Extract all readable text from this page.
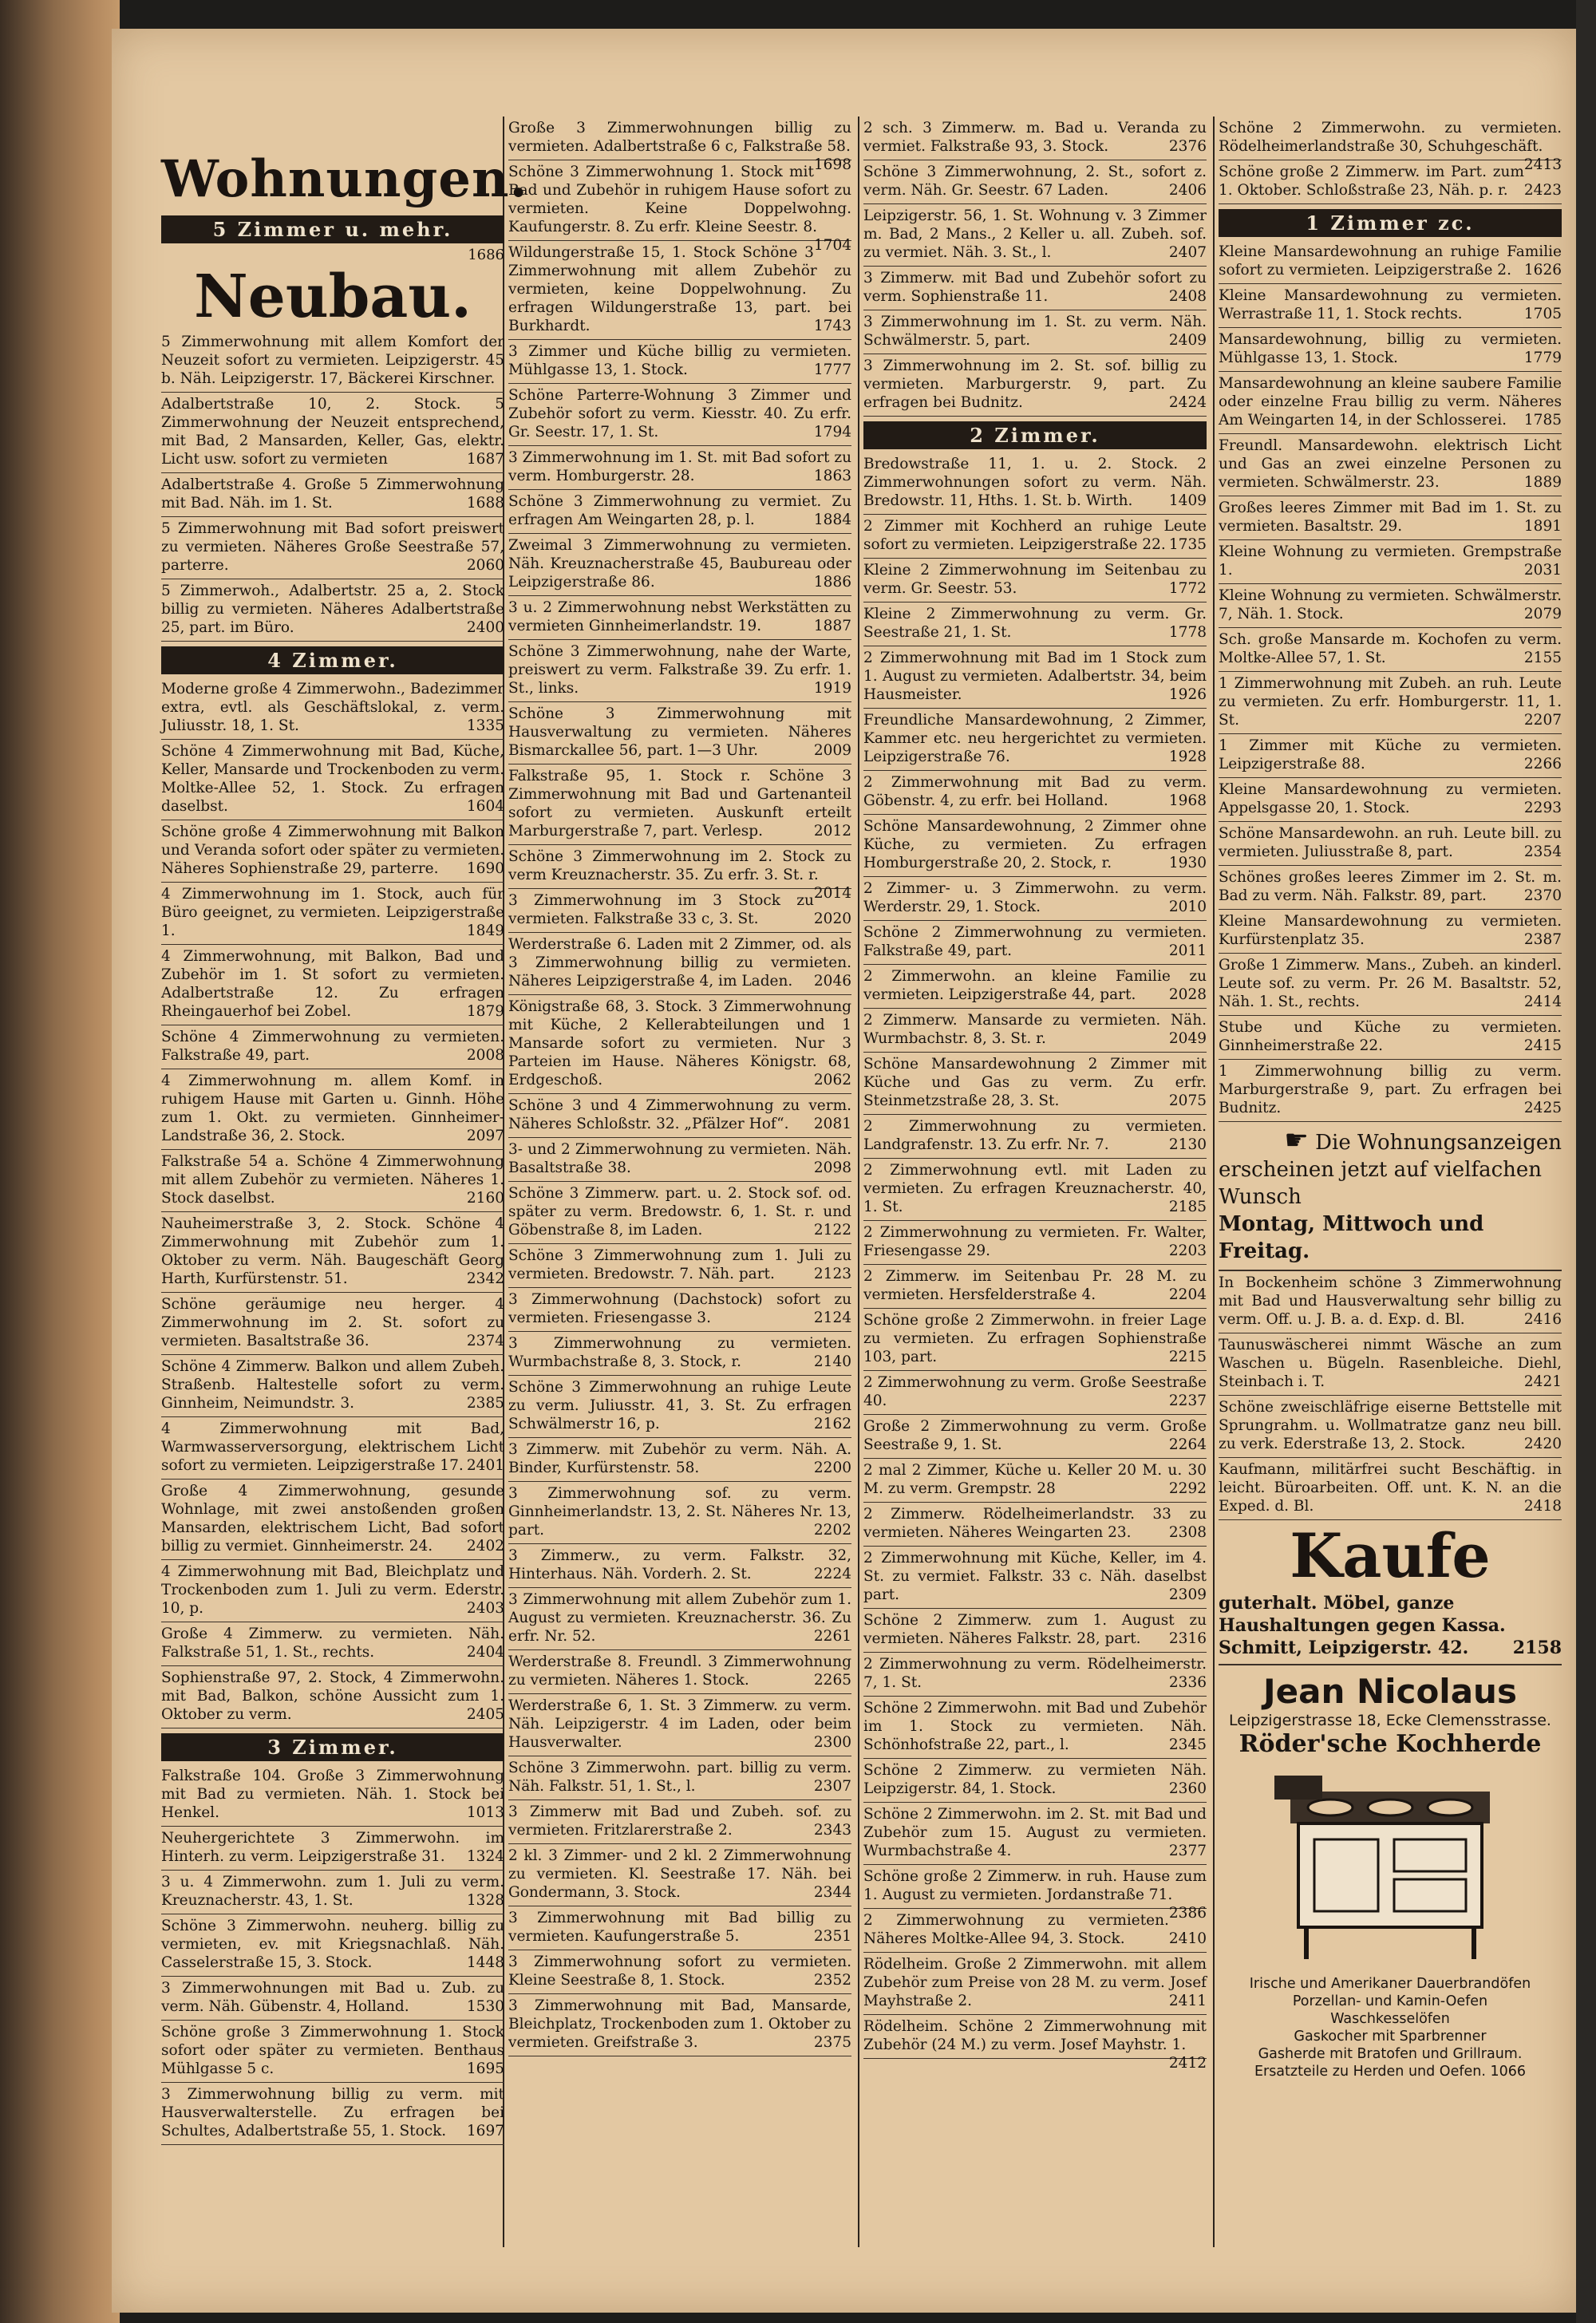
Wohnungen.
5 Zimmer u. mehr.
1686
Neubau.
5 Zimmerwohnung mit allem Komfort der Neuzeit sofort zu vermieten. Leipzigerstr. 45 b. Näh. Leipzigerstr. 17, Bäckerei Kirschner.
Adalbertstraße 10, 2. Stock. 5 Zimmerwohnung der Neuzeit entsprechend, mit Bad, 2 Mansarden, Keller, Gas, elektr. Licht usw. sofort zu vermieten	1687
Adalbertstraße 4. Große 5 Zimmerwohnung mit Bad. Näh. im 1. St.	1688
5 Zimmerwohnung mit Bad sofort preiswert zu vermieten. Näheres Große Seestraße 57, parterre.	2060
5 Zimmerwoh., Adalbertstr. 25 a, 2. Stock billig zu vermieten. Näheres Adalbertstraße 25, part. im Büro.	2400
4 Zimmer.
Moderne große 4 Zimmerwohn., Badezimmer extra, evtl. als Geschäftslokal, z. verm. Juliusstr. 18, 1. St.	1335
Schöne 4 Zimmerwohnung mit Bad, Küche, Keller, Mansarde und Trockenboden zu verm. Moltke-Allee 52, 1. Stock. Zu erfragen daselbst.	1604
Schöne große 4 Zimmerwohnung mit Balkon und Veranda sofort oder später zu vermieten. Näheres Sophienstraße 29, parterre. 1690
4 Zimmerwohnung im 1. Stock, auch für Büro geeignet, zu vermieten. Leipzigerstraße 1.	1849
4 Zimmerwohnung, mit Balkon, Bad und Zubehör im 1. St sofort zu vermieten. Adalbertstraße 12. Zu erfragen Rheingauerhof bei Zobel.	1879
Schöne 4 Zimmerwohnung zu vermieten. Falkstraße 49, part.	2008
4 Zimmerwohnung m. allem Komf. in ruhigem Hause mit Garten u. Ginnh. Höhe zum 1. Okt. zu vermieten. Ginnheimer-Landstraße 36, 2. Stock.	2097
Falkstraße 54 a. Schöne 4 Zimmerwohnung mit allem Zubehör zu vermieten. Näheres 1. Stock daselbst.	2160
Nauheimerstraße 3, 2. Stock. Schöne 4 Zimmerwohnung mit Zubehör zum 1. Oktober zu verm. Näh. Baugeschäft Georg Harth, Kurfürstenstr. 51.	2342
Schöne geräumige neu herger. 4 Zimmerwohnung im 2. St. sofort zu vermieten. Basaltstraße 36.	2374
Schöne 4 Zimmerw. Balkon und allem Zubeh. Straßenb. Haltestelle sofort zu verm. Ginnheim, Neimundstr. 3.	2385
4 Zimmerwohnung mit Bad, Warmwasserversorgung, elektrischem Licht sofort zu vermieten. Leipzigerstraße 17. 2401
Große 4 Zimmerwohnung, gesunde Wohnlage, mit zwei anstoßenden großen Mansarden, elektrischem Licht, Bad sofort billig zu vermiet. Ginnheimerstr. 24. 2402
4 Zimmerwohnung mit Bad, Bleichplatz und Trockenboden zum 1. Juli zu verm. Ederstr. 10, p.	2403
Große 4 Zimmerw. zu vermieten. Näh. Falkstraße 51, 1. St., rechts.	2404
Sophienstraße 97, 2. Stock, 4 Zimmerwohn. mit Bad, Balkon, schöne Aussicht zum 1. Oktober zu verm.	2405
3 Zimmer.
Falkstraße 104. Große 3 Zimmerwohnung mit Bad zu vermieten. Näh. 1. Stock bei Henkel.	1013
Neuhergerichtete 3 Zimmerwohn. im Hinterh. zu verm. Leipzigerstraße 31. 1324
3 u. 4 Zimmerwohn. zum 1. Juli zu verm. Kreuznacherstr. 43, 1. St.	1328
Schöne 3 Zimmerwohn. neuherg. billig zu vermieten, ev. mit Kriegsnachlaß. Näh. Casselerstraße 15, 3. Stock.	1448
3 Zimmerwohnungen mit Bad u. Zub. zu verm. Näh. Gübenstr. 4, Holland.	1530
Schöne große 3 Zimmerwohnung 1. Stock sofort oder später zu vermieten. Benthaus Mühlgasse 5 c.	1695
3 Zimmerwohnung billig zu verm. mit Hausverwalterstelle. Zu erfragen bei Schultes, Adalbertstraße 55, 1. Stock. 1697
Große 3 Zimmerwohnungen billig zu vermieten. Adalbertstraße 6 c, Falkstraße 58.
1698
Schöne 3 Zimmerwohnung 1. Stock mit Bad und Zubehör in ruhigem Hause sofort zu vermieten. Keine Doppelwohng. Kaufungerstr. 8. Zu erfr. Kleine Seestr. 8.
1704
Wildungerstraße 15, 1. Stock Schöne 3 Zimmerwohnung mit allem Zubehör zu vermieten, keine Doppelwohnung. Zu erfragen Wildungerstraße 13, part. bei Burkhardt.	1743
3 Zimmer und Küche billig zu vermieten. Mühlgasse 13, 1. Stock.	1777
Schöne Parterre-Wohnung 3 Zimmer und Zubehör sofort zu verm. Kiesstr. 40. Zu erfr. Gr. Seestr. 17, 1. St.	1794
3 Zimmerwohnung im 1. St. mit Bad sofort zu verm. Homburgerstr. 28.	1863
Schöne 3 Zimmerwohnung zu vermiet. Zu erfragen Am Weingarten 28, p. l.	1884
Zweimal 3 Zimmerwohnung zu vermieten. Näh. Kreuznacherstraße 45, Baubureau oder Leipzigerstraße 86.	1886
3 u. 2 Zimmerwohnung nebst Werkstätten zu vermieten Ginnheimerlandstr. 19.	1887
Schöne 3 Zimmerwohnung, nahe der Warte, preiswert zu verm. Falkstraße 39. Zu erfr. 1. St., links.	1919
Schöne 3 Zimmerwohnung mit Hausverwaltung zu vermieten. Näheres Bismarckallee 56, part. 1—3 Uhr.	2009
Falkstraße 95, 1. Stock r. Schöne 3 Zimmerwohnung mit Bad und Gartenanteil sofort zu vermieten. Auskunft erteilt Marburgerstraße 7, part. Verlesp.	2012
Schöne 3 Zimmerwohnung im 2. Stock zu verm Kreuznacherstr. 35. Zu erfr. 3. St. r.
2014
3 Zimmerwohnung im 3 Stock zu vermieten. Falkstraße 33 c, 3. St.	2020
Werderstraße 6. Laden mit 2 Zimmer, od. als 3 Zimmerwohnung billig zu vermieten. Näheres Leipzigerstraße 4, im Laden. 2046
Königstraße 68, 3. Stock. 3 Zimmerwohnung mit Küche, 2 Kellerabteilungen und 1 Mansarde sofort zu vermieten. Nur 3 Parteien im Hause. Näheres Königstr. 68, Erdgeschoß.	2062
Schöne 3 und 4 Zimmerwohnung zu verm. Näheres Schloßstr. 32. „Pfälzer Hof“. 2081
3- und 2 Zimmerwohnung zu vermieten. Näh. Basaltstraße 38.	2098
Schöne 3 Zimmerw. part. u. 2. Stock sof. od. später zu verm. Bredowstr. 6, 1. St. r. und Göbenstraße 8, im Laden.	2122
Schöne 3 Zimmerwohnung zum 1. Juli zu vermieten. Bredowstr. 7. Näh. part.	2123
3 Zimmerwohnung (Dachstock) sofort zu vermieten. Friesengasse 3.	2124
3 Zimmerwohnung zu vermieten. Wurmbachstraße 8, 3. Stock, r.	2140
Schöne 3 Zimmerwohnung an ruhige Leute zu verm. Juliusstr. 41, 3. St. Zu erfragen Schwälmerstr 16, p.	2162
3 Zimmerw. mit Zubehör zu verm. Näh. A. Binder, Kurfürstenstr. 58.	2200
3 Zimmerwohnung sof. zu verm. Ginnheimerlandstr. 13, 2. St. Näheres Nr. 13, part.	2202
3 Zimmerw., zu verm. Falkstr. 32, Hinterhaus. Näh. Vorderh. 2. St.	2224
3 Zimmerwohnung mit allem Zubehör zum 1. August zu vermieten. Kreuznacherstr. 36. Zu erfr. Nr. 52.	2261
Werderstraße 8. Freundl. 3 Zimmerwohnung zu vermieten. Näheres 1. Stock.	2265
Werderstraße 6, 1. St. 3 Zimmerw. zu verm. Näh. Leipzigerstr. 4 im Laden, oder beim Hausverwalter.	2300
Schöne 3 Zimmerwohn. part. billig zu verm. Näh. Falkstr. 51, 1. St., l.	2307
3 Zimmerw mit Bad und Zubeh. sof. zu vermieten. Fritzlarerstraße 2.	2343
2 kl. 3 Zimmer- und 2 kl. 2 Zimmerwohnung zu vermieten. Kl. Seestraße 17. Näh. bei Gondermann, 3. Stock.	2344
3 Zimmerwohnung mit Bad billig zu vermieten. Kaufungerstraße 5.	2351
3 Zimmerwohnung sofort zu vermieten. Kleine Seestraße 8, 1. Stock.	2352
3 Zimmerwohnung mit Bad, Mansarde, Bleichplatz, Trockenboden zum 1. Oktober zu vermieten. Greifstraße 3.	2375
2 sch. 3 Zimmerw. m. Bad u. Veranda zu vermiet. Falkstraße 93, 3. Stock.	2376
Schöne 3 Zimmerwohnung, 2. St., sofort z. verm. Näh. Gr. Seestr. 67 Laden.	2406
Leipzigerstr. 56, 1. St. Wohnung v. 3 Zimmer m. Bad, 2 Mans., 2 Keller u. all. Zubeh. sof. zu vermiet. Näh. 3. St., l.	2407
3 Zimmerw. mit Bad und Zubehör sofort zu verm. Sophienstraße 11.	2408
3 Zimmerwohnung im 1. St. zu verm. Näh. Schwälmerstr. 5, part.	2409
3 Zimmerwohnung im 2. St. sof. billig zu vermieten. Marburgerstr. 9, part. Zu erfragen bei Budnitz.	2424
2 Zimmer.
Bredowstraße 11, 1. u. 2. Stock. 2 Zimmerwohnungen sofort zu verm. Näh. Bredowstr. 11, Hths. 1. St. b. Wirth. 1409
2 Zimmer mit Kochherd an ruhige Leute sofort zu vermieten. Leipzigerstraße 22. 1735
Kleine 2 Zimmerwohnung im Seitenbau zu verm. Gr. Seestr. 53.	1772
Kleine 2 Zimmerwohnung zu verm. Gr. Seestraße 21, 1. St.	1778
2 Zimmerwohnung mit Bad im 1 Stock zum 1. August zu vermieten. Adalbertstr. 34, beim Hausmeister.	1926
Freundliche Mansardewohnung, 2 Zimmer, Kammer etc. neu hergerichtet zu vermieten. Leipzigerstraße 76.	1928
2 Zimmerwohnung mit Bad zu verm. Göbenstr. 4, zu erfr. bei Holland.	1968
Schöne Mansardewohnung, 2 Zimmer ohne Küche, zu vermieten. Zu erfragen Homburgerstraße 20, 2. Stock, r.	1930
2 Zimmer- u. 3 Zimmerwohn. zu verm. Werderstr. 29, 1. Stock.	2010
Schöne 2 Zimmerwohnung zu vermieten. Falkstraße 49, part.	2011
2 Zimmerwohn. an kleine Familie zu vermieten. Leipzigerstraße 44, part. 2028
2 Zimmerw. Mansarde zu vermieten. Näh. Wurmbachstr. 8, 3. St. r.	2049
Schöne Mansardewohnung 2 Zimmer mit Küche und Gas zu verm. Zu erfr. Steinmetzstraße 28, 3. St.	2075
2 Zimmerwohnung zu vermieten. Landgrafenstr. 13. Zu erfr. Nr. 7.	2130
2 Zimmerwohnung evtl. mit Laden zu vermieten. Zu erfragen Kreuznacherstr. 40, 1. St.	2185
2 Zimmerwohnung zu vermieten. Fr. Walter, Friesengasse 29.	2203
2 Zimmerw. im Seitenbau Pr. 28 M. zu vermieten. Hersfelderstraße 4.	2204
Schöne große 2 Zimmerwohn. in freier Lage zu vermieten. Zu erfragen Sophienstraße 103, part.	2215
2 Zimmerwohnung zu verm. Große Seestraße 40.	2237
Große 2 Zimmerwohnung zu verm. Große Seestraße 9, 1. St.	2264
2 mal 2 Zimmer, Küche u. Keller 20 M. u. 30 M. zu verm. Grempstr. 28	2292
2 Zimmerw. Rödelheimerlandstr. 33 zu vermieten. Näheres Weingarten 23.	2308
2 Zimmerwohnung mit Küche, Keller, im 4. St. zu vermiet. Falkstr. 33 c. Näh. daselbst part.	2309
Schöne 2 Zimmerw. zum 1. August zu vermieten. Näheres Falkstr. 28, part. 2316
2 Zimmerwohnung zu verm. Rödelheimerstr. 7, 1. St.	2336
Schöne 2 Zimmerwohn. mit Bad und Zubehör im 1. Stock zu vermieten. Näh. Schönhofstraße 22, part., l.	2345
Schöne 2 Zimmerw. zu vermieten Näh. Leipzigerstr. 84, 1. Stock.	2360
Schöne 2 Zimmerwohn. im 2. St. mit Bad und Zubehör zum 15. August zu vermieten. Wurmbachstraße 4.	2377
Schöne große 2 Zimmerw. in ruh. Hause zum 1. August zu vermieten. Jordanstraße 71.
2386
2 Zimmerwohnung zu vermieten. Näheres Moltke-Allee 94, 3. Stock.	2410
Rödelheim. Große 2 Zimmerwohn. mit allem Zubehör zum Preise von 28 M. zu verm. Josef Mayhstraße 2.	2411
Rödelheim. Schöne 2 Zimmerwohnung mit Zubehör (24 M.) zu verm. Josef Mayhstr. 1.
2412
Schöne 2 Zimmerwohn. zu vermieten. Rödelheimerlandstraße 30, Schuhgeschäft.
2413
Schöne große 2 Zimmerw. im Part. zum 1. Oktober. Schloßstraße 23, Näh. p. r. 2423
1 Zimmer zc.
Kleine Mansardewohnung an ruhige Familie sofort zu vermieten. Leipzigerstraße 2. 1626
Kleine Mansardewohnung zu vermieten. Werrastraße 11, 1. Stock rechts.	1705
Mansardewohnung, billig zu vermieten. Mühlgasse 13, 1. Stock.	1779
Mansardewohnung an kleine saubere Familie oder einzelne Frau billig zu verm. Näheres Am Weingarten 14, in der Schlosserei. 1785
Freundl. Mansardewohn. elektrisch Licht und Gas an zwei einzelne Personen zu vermieten. Schwälmerstr. 23.	1889
Großes leeres Zimmer mit Bad im 1. St. zu vermieten. Basaltstr. 29.	1891
Kleine Wohnung zu vermieten. Grempstraße 1.	2031
Kleine Wohnung zu vermieten. Schwälmerstr. 7, Näh. 1. Stock.	2079
Sch. große Mansarde m. Kochofen zu verm. Moltke-Allee 57, 1. St.	2155
1 Zimmerwohnung mit Zubeh. an ruh. Leute zu vermieten. Zu erfr. Homburgerstr. 11, 1. St.	2207
1 Zimmer mit Küche zu vermieten. Leipzigerstraße 88.	2266
Kleine Mansardewohnung zu vermieten. Appelsgasse 20, 1. Stock.	2293
Schöne Mansardewohn. an ruh. Leute bill. zu vermieten. Juliusstraße 8, part.	2354
Schönes großes leeres Zimmer im 2. St. m. Bad zu verm. Näh. Falkstr. 89, part.	2370
Kleine Mansardewohnung zu vermieten. Kurfürstenplatz 35.	2387
Große 1 Zimmerw. Mans., Zubeh. an kinderl. Leute sof. zu verm. Pr. 26 M. Basaltstr. 52, Näh. 1. St., rechts.	2414
Stube und Küche zu vermieten. Ginnheimerstraße 22.	2415
1 Zimmerwohnung billig zu verm. Marburgerstraße 9, part. Zu erfragen bei Budnitz.	2425
☛ Die Wohnungsanzeigen
erscheinen jetzt auf vielfachen Wunsch
Montag, Mittwoch und Freitag.
In Bockenheim schöne 3 Zimmerwohnung mit Bad und Hausverwaltung sehr billig zu verm. Off. u. J. B. a. d. Exp. d. Bl.	2416
Taunuswäscherei nimmt Wäsche an zum Waschen u. Bügeln. Rasenbleiche. Diehl, Steinbach i. T.	2421
Schöne zweischläfrige eiserne Bettstelle mit Sprungrahm. u. Wollmatratze ganz neu bill. zu verk. Ederstraße 13, 2. Stock.	2420
Kaufmann, militärfrei sucht Beschäftig. in leicht. Büroarbeiten. Off. unt. K. N. an die Exped. d. Bl.	2418
Kaufe
guterhalt. Möbel, ganze Haushaltungen gegen Kassa. Schmitt, Leipzigerstr. 42.	2158
Jean Nicolaus
Leipzigerstrasse 18, Ecke Clemensstrasse.
Röder'sche Kochherde
Irische und Amerikaner Dauerbrandöfen
Porzellan- und Kamin-Oefen
Waschkesselöfen
Gaskocher mit Sparbrenner
Gasherde mit Bratofen und Grillraum.
Ersatzteile zu Herden und Oefen. 1066
